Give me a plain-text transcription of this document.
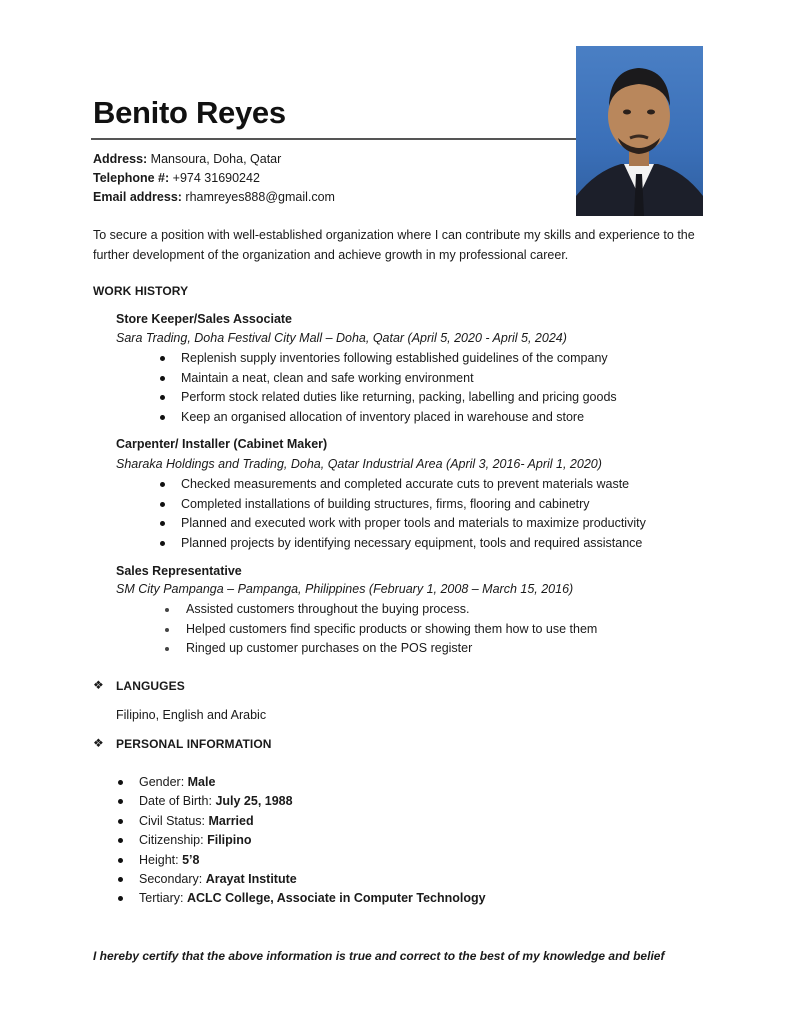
Benito Reyes
Address: Mansoura, Doha, Qatar
Telephone #: +974 31690242
Email address: rhamreyes888@gmail.com
To secure a position with well-established organization where I can contribute my skills and experience to the further development of the organization and achieve growth in my professional career.
WORK HISTORY
Store Keeper/Sales Associate
Sara Trading, Doha Festival City Mall – Doha, Qatar (April 5, 2020 - April 5, 2024)
Replenish supply inventories following established guidelines of the company
Maintain a neat, clean and safe working environment
Perform stock related duties like returning, packing, labelling and pricing goods
Keep an organised allocation of inventory placed in warehouse and store
Carpenter/ Installer (Cabinet Maker)
Sharaka Holdings and Trading, Doha, Qatar Industrial Area (April 3, 2016- April 1, 2020)
Checked measurements and completed accurate cuts to prevent materials waste
Completed installations of building structures, firms, flooring and cabinetry
Planned and executed work with proper tools and materials to maximize productivity
Planned projects by identifying necessary equipment, tools and required assistance
Sales Representative
SM City Pampanga – Pampanga, Philippines (February 1, 2008 – March 15, 2016)
Assisted customers throughout the buying process.
Helped customers find specific products or showing them how to use them
Ringed up customer purchases on the POS register
❖ LANGUGES
Filipino, English and Arabic
❖ PERSONAL INFORMATION
Gender: Male
Date of Birth: July 25, 1988
Civil Status: Married
Citizenship: Filipino
Height: 5’8
Secondary: Arayat Institute
Tertiary: ACLC College, Associate in Computer Technology
I hereby certify that the above information is true and correct to the best of my knowledge and belief
